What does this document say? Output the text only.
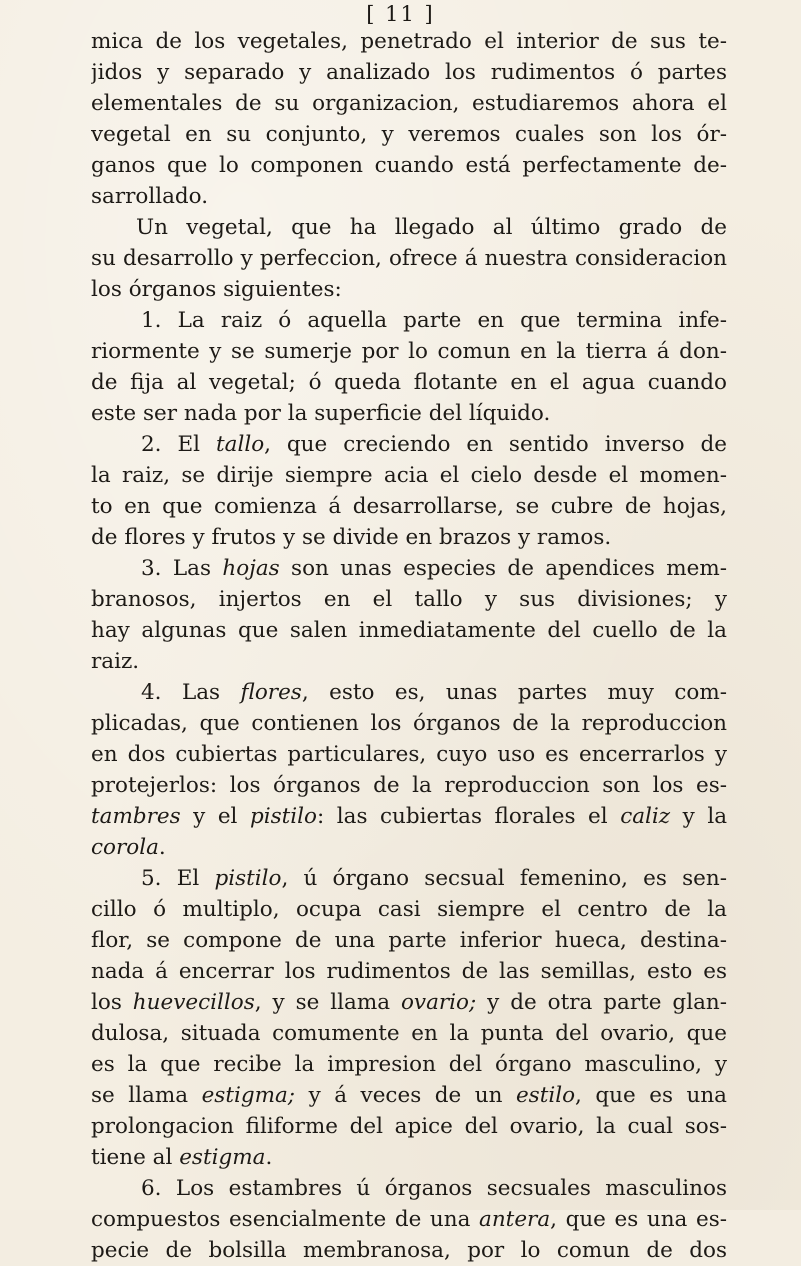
[ 11 ]
mica de los vegetales, penetrado el interior de sus te-
jidos y separado y analizado los rudimentos ó partes
elementales de su organizacion, estudiaremos ahora el
vegetal en su conjunto, y veremos cuales son los ór-
ganos que lo componen cuando está perfectamente de-
sarrollado.
Un vegetal, que ha llegado al último grado de
su desarrollo y perfeccion, ofrece á nuestra consideracion
los órganos siguientes:
1. La raiz ó aquella parte en que termina infe-
riormente y se sumerje por lo comun en la tierra á don-
de fija al vegetal; ó queda flotante en el agua cuando
este ser nada por la superficie del líquido.
2. El tallo, que creciendo en sentido inverso de
la raiz, se dirije siempre acia el cielo desde el momen-
to en que comienza á desarrollarse, se cubre de hojas,
de flores y frutos y se divide en brazos y ramos.
3. Las hojas son unas especies de apendices mem-
branosos, injertos en el tallo y sus divisiones; y
hay algunas que salen inmediatamente del cuello de la
raiz.
4. Las flores, esto es, unas partes muy com-
plicadas, que contienen los órganos de la reproduccion
en dos cubiertas particulares, cuyo uso es encerrarlos y
protejerlos: los órganos de la reproduccion son los es-
tambres y el pistilo: las cubiertas florales el caliz y la
corola.
5. El pistilo, ú órgano secsual femenino, es sen-
cillo ó multiplo, ocupa casi siempre el centro de la
flor, se compone de una parte inferior hueca, destina-
nada á encerrar los rudimentos de las semillas, esto es
los huevecillos, y se llama ovario; y de otra parte glan-
dulosa, situada comumente en la punta del ovario, que
es la que recibe la impresion del órgano masculino, y
se llama estigma; y á veces de un estilo, que es una
prolongacion filiforme del apice del ovario, la cual sos-
tiene al estigma.
6. Los estambres ú órganos secsuales masculinos
compuestos esencialmente de una antera, que es una es-
pecie de bolsilla membranosa, por lo comun de dos
